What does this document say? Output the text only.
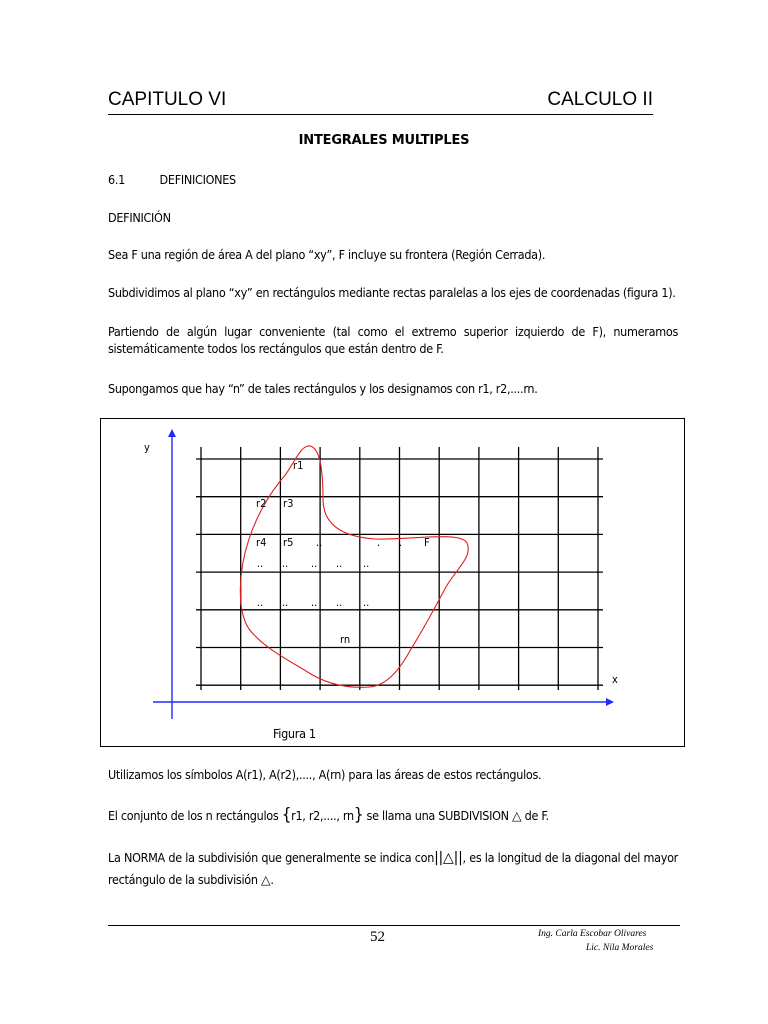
CAPITULO VI	CALCULO II
INTEGRALES MULTIPLES
6.1	DEFINICIONES
DEFINICIÓN
Sea F una región de área A del plano “xy”, F incluye su frontera (Región Cerrada).
Subdividimos al plano “xy” en rectángulos mediante rectas paralelas a los ejes de coordenadas (figura 1).
Partiendo de algún lugar conveniente (tal como el extremo superior izquierdo de F), numeramos
sistemáticamente todos los rectángulos que están dentro de F.
Supongamos que hay “n” de tales rectángulos y los designamos con r1, r2,....rn.
y
x
r1
r2 r3
r4 r5 ..	. . F
rn
.. .. .. .. ..
.. .. .. .. ..
Figura 1
Utilizamos los símbolos A(r1), A(r2),...., A(rn) para las áreas de estos rectángulos.
El conjunto de los n rectángulos {r1, r2,...., rn} se llama una SUBDIVISION △ de F.
La NORMA de la subdivisión que generalmente se indica con||△||, es la longitud de la diagonal del mayor
rectángulo de la subdivisión △.
52	Ing. Carla Escobar Olivares
Lic. Nila Morales
